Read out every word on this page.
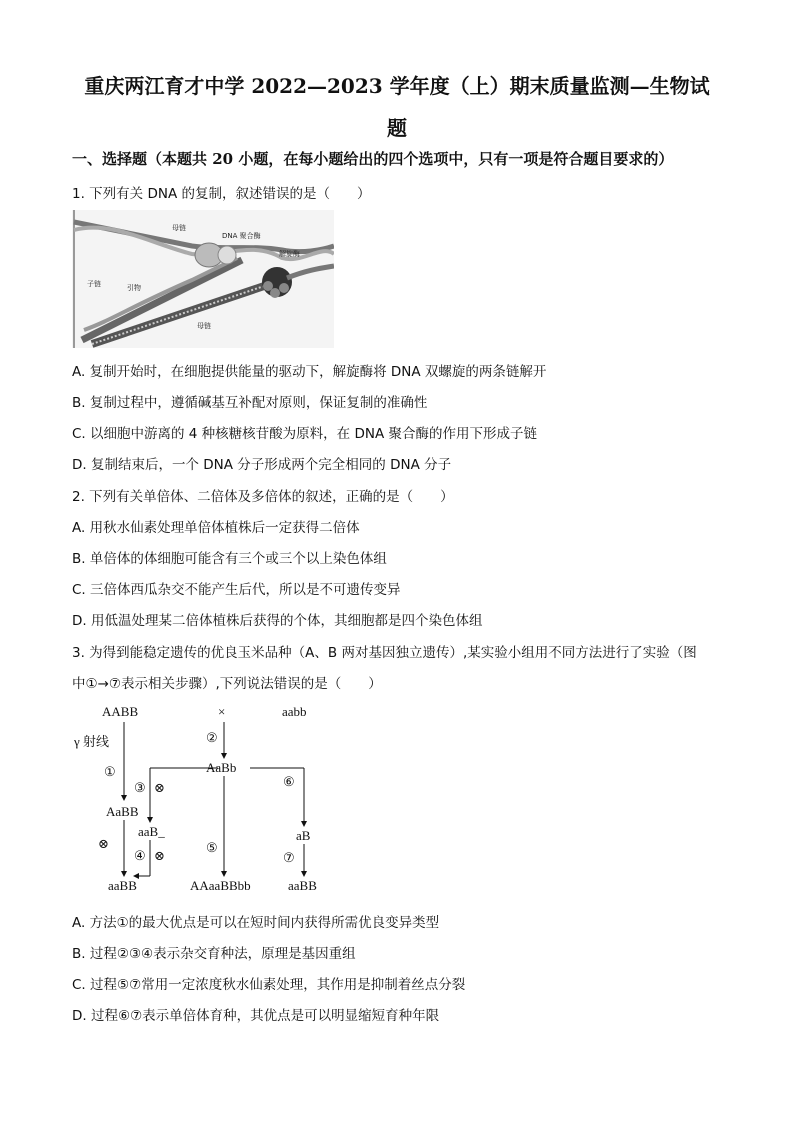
重庆两江育才中学 2022—2023 学年度（上）期末质量监测—生物试
题
一、选择题（本题共 20 小题，在每小题给出的四个选项中，只有一项是符合题目要求的）
1. 下列有关 DNA 的复制，叙述错误的是（　　）
母链
DNA 聚合酶
解旋酶
子链	引物
母链
A. 复制开始时，在细胞提供能量的驱动下，解旋酶将 DNA 双螺旋的两条链解开
B. 复制过程中，遵循碱基互补配对原则，保证复制的准确性
C. 以细胞中游离的 4 种核糖核苷酸为原料，在 DNA 聚合酶的作用下形成子链
D. 复制结束后，一个 DNA 分子形成两个完全相同的 DNA 分子
2. 下列有关单倍体、二倍体及多倍体的叙述，正确的是（　　）
A. 用秋水仙素处理单倍体植株后一定获得二倍体
B. 单倍体的体细胞可能含有三个或三个以上染色体组
C. 三倍体西瓜杂交不能产生后代，所以是不可遗传变异
D. 用低温处理某二倍体植株后获得的个体，其细胞都是四个染色体组
3. 为得到能稳定遗传的优良玉米品种（A、B 两对基因独立遗传）,某实验小组用不同方法进行了实验（图
中①→⑦表示相关步骤）,下列说法错误的是（　　）
AABB	×	aabb
γ 射线
①
②
AaBb
⑥
③ ⊗
AaBB
aaB_	aB
⊗	⑤
④ ⊗	⑦
aaBB	AAaaBBbb	aaBB
A. 方法①的最大优点是可以在短时间内获得所需优良变异类型
B. 过程②③④表示杂交育种法，原理是基因重组
C. 过程⑤⑦常用一定浓度秋水仙素处理，其作用是抑制着丝点分裂
D. 过程⑥⑦表示单倍体育种，其优点是可以明显缩短育种年限
